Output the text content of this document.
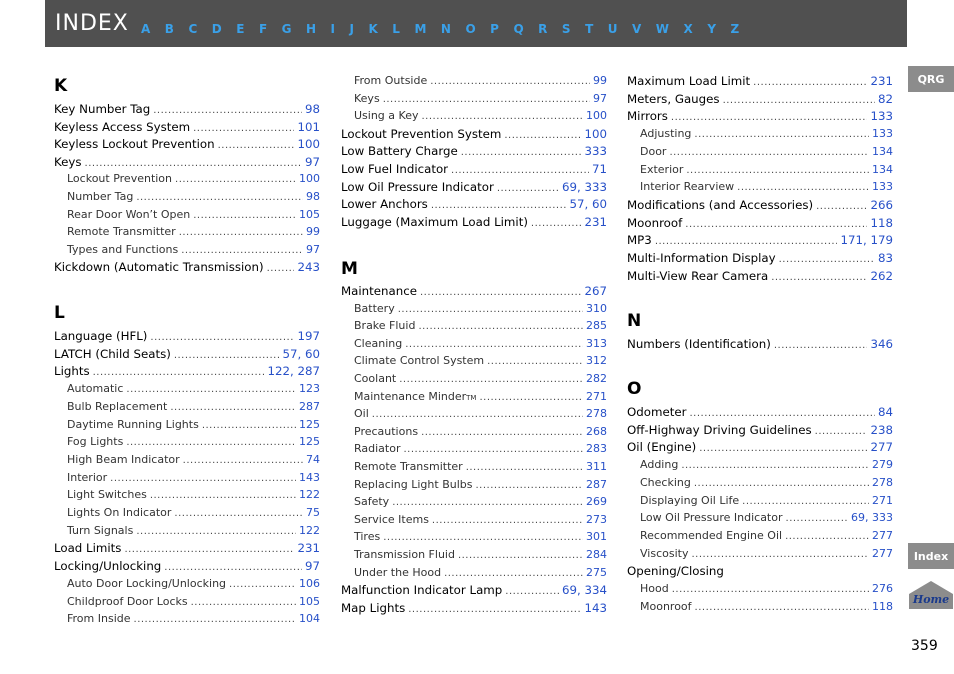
INDEX A B C D E F G H I J K L M N O P Q R S T U V W X Y Z
K
L
Key Number Tag .....	98
Keyless Access System .....	101
Keyless Lockout Prevention .....	100
Keys .....	97
Lockout Prevention .....	100
Number Tag .....	98
Rear Door Won’t Open .....	105
Remote Transmitter .....	99
Types and Functions .....	97
Kickdown (Automatic Transmission) .....	243
Language (HFL) .....	197
LATCH (Child Seats) .....	57, 60
Lights .....	122, 287
Automatic .....	123
Bulb Replacement .....	287
Daytime Running Lights .....	125
Fog Lights .....	125
High Beam Indicator .....	74
Interior .....	143
Light Switches .....	122
Lights On Indicator .....	75
Turn Signals .....	122
Load Limits .....	231
Locking/Unlocking .....	97
Auto Door Locking/Unlocking .....	106
Childproof Door Locks .....	105
From Inside .....	104
M
From Outside .....	99
Keys .....	97
Using a Key .....	100
Lockout Prevention System .....	100
Low Battery Charge .....	333
Low Fuel Indicator .....	71
Low Oil Pressure Indicator .....	69, 333
Lower Anchors .....	57, 60
Luggage (Maximum Load Limit) .....	231
Maintenance .....	267
Battery .....	310
Brake Fluid .....	285
Cleaning .....	313
Climate Control System .....	312
Coolant .....	282
Maintenance Minder TM .....	271
Oil .....	278
Precautions .....	268
Radiator .....	283
Remote Transmitter .....	311
Replacing Light Bulbs .....	287
Safety .....	269
Service Items .....	273
Tires .....	301
Transmission Fluid .....	284
Under the Hood .....	275
Malfunction Indicator Lamp .....	69, 334
Map Lights .....	143
N
O
Maximum Load Limit .....	231
Meters, Gauges .....	82
Mirrors .....	133
Adjusting .....	133
Door .....	134
Exterior .....	134
Interior Rearview .....	133
Modifications (and Accessories) .....	266
Moonroof .....	118
MP3 .....	171, 179
Multi-Information Display .....	83
Multi-View Rear Camera .....	262
Numbers (Identification) .....	346
Odometer .....	84
Off-Highway Driving Guidelines .....	238
Oil (Engine) .....	277
Adding .....	279
Checking .....	278
Displaying Oil Life .....	271
Low Oil Pressure Indicator .....	69, 333
Recommended Engine Oil .....	277
Viscosity .....	277
Opening/Closing
Hood .....	276
Moonroof .....	118
QRG
Index
Home
359
